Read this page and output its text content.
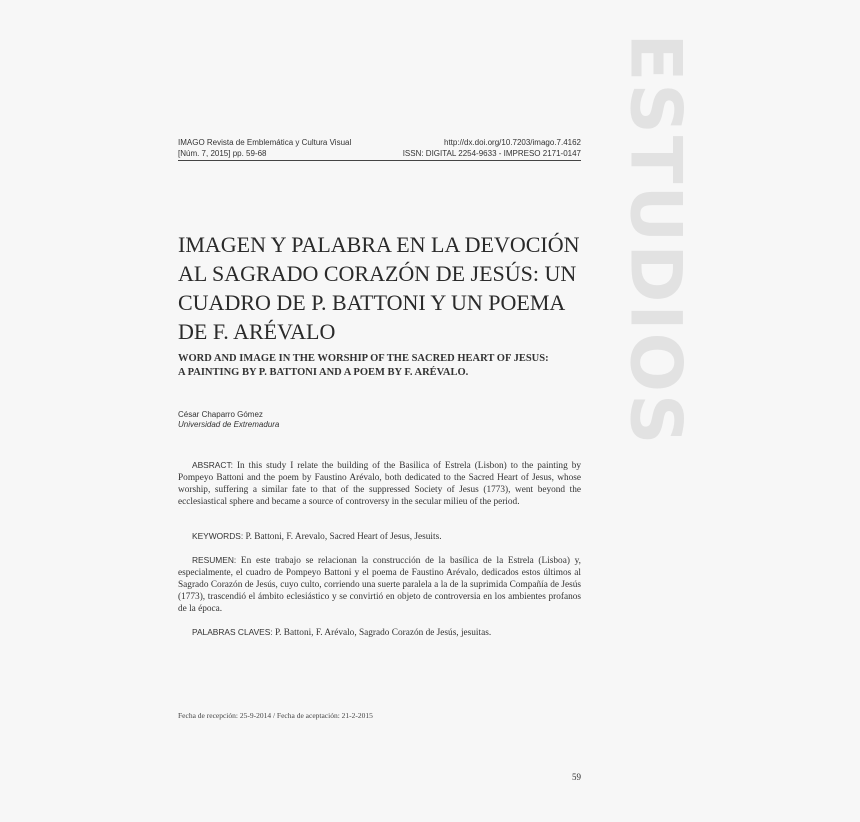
ESTUDIOS
IMAGO Revista de Emblemática y Cultura Visual	http://dx.doi.org/10.7203/imago.7.4162
[Núm. 7, 2015] pp. 59-68	ISSN: DIGITAL 2254-9633 - IMPRESO 2171-0147
IMAGEN Y PALABRA EN LA DEVOCIÓN
AL SAGRADO CORAZÓN DE JESÚS: UN
CUADRO DE P. BATTONI Y UN POEMA
DE F. ARÉVALO
WORD AND IMAGE IN THE WORSHIP OF THE SACRED HEART OF JESUS:
A PAINTING BY P. BATTONI AND A POEM BY F. ARÉVALO.
César Chaparro Gómez
Universidad de Extremadura
ABSRACT: In this study I relate the building of the Basilica of Estrela (Lisbon) to the painting by Pompeyo Battoni and the poem by Faustino Arévalo, both dedicated to the Sacred Heart of Jesus, whose worship, suffering a similar fate to that of the suppressed Society of Jesus (1773), went beyond the ecclesiastical sphere and became a source of controversy in the secular milieu of the period.
KEYWORDS: P. Battoni, F. Arevalo, Sacred Heart of Jesus, Jesuits.
RESUMEN: En este trabajo se relacionan la construcción de la basílica de la Estrela (Lisboa) y, especialmente, el cuadro de Pompeyo Battoni y el poema de Faustino Arévalo, dedicados estos últimos al Sagrado Corazón de Jesús, cuyo culto, corriendo una suerte paralela a la de la suprimida Compañía de Jesús (1773), trascendió el ámbito eclesiástico y se convirtió en objeto de controversia en los ambientes profanos de la época.
PALABRAS CLAVES: P. Battoni, F. Arévalo, Sagrado Corazón de Jesús, jesuitas.
Fecha de recepción: 25-9-2014 / Fecha de aceptación: 21-2-2015
59
